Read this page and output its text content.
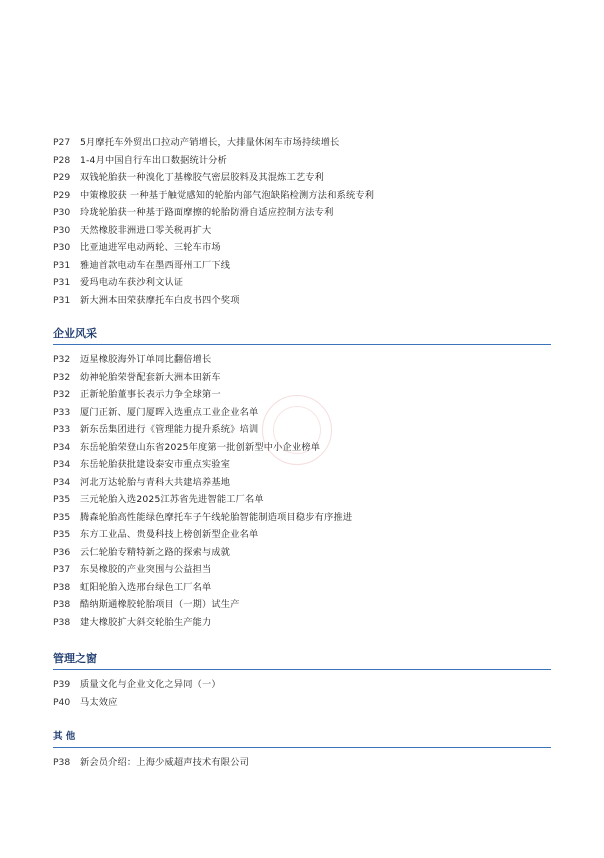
P27	5月摩托车外贸出口拉动产销增长，大排量休闲车市场持续增长
P28	1-4月中国自行车出口数据统计分析
P29	双钱轮胎获一种溴化丁基橡胶气密层胶料及其混炼工艺专利
P29	中策橡胶获 一种基于触觉感知的轮胎内部气泡缺陷检测方法和系统专利
P30	玲珑轮胎获一种基于路面摩擦的轮胎防滑自适应控制方法专利
P30	天然橡胶非洲进口零关税再扩大
P30	比亚迪进军电动两轮、三轮车市场
P31	雅迪首款电动车在墨西哥州工厂下线
P31	爱玛电动车获沙利文认证
P31	新大洲本田荣获摩托车白皮书四个奖项
企业风采
P32	迈星橡胶海外订单同比翻倍增长
P32	幼神轮胎荣誉配套新大洲本田新车
P32	正新轮胎董事长表示力争全球第一
P33	厦门正新、厦门厦晖入选重点工业企业名单
P33	新东岳集团进行《管理能力提升系统》培训
P34	东岳轮胎荣登山东省2025年度第一批创新型中小企业榜单
P34	东岳轮胎获批建设泰安市重点实验室
P34	河北万达轮胎与青科大共建培养基地
P35	三元轮胎入选2025江苏省先进智能工厂名单
P35	腾森轮胎高性能绿色摩托车子午线轮胎智能制造项目稳步有序推进
P35	东方工业品、贵曼科技上榜创新型企业名单
P36	云仁轮胎专精特新之路的探索与成就
P37	东昊橡胶的产业突围与公益担当
P38	虹阳轮胎入选邢台绿色工厂名单
P38	酷纳斯通橡胶轮胎项目（一期）试生产
P38	建大橡胶扩大斜交轮胎生产能力
管理之窗
P39	质量文化与企业文化之异同（一）
P40	马太效应
其 他
P38	新会员介绍：上海少威超声技术有限公司
